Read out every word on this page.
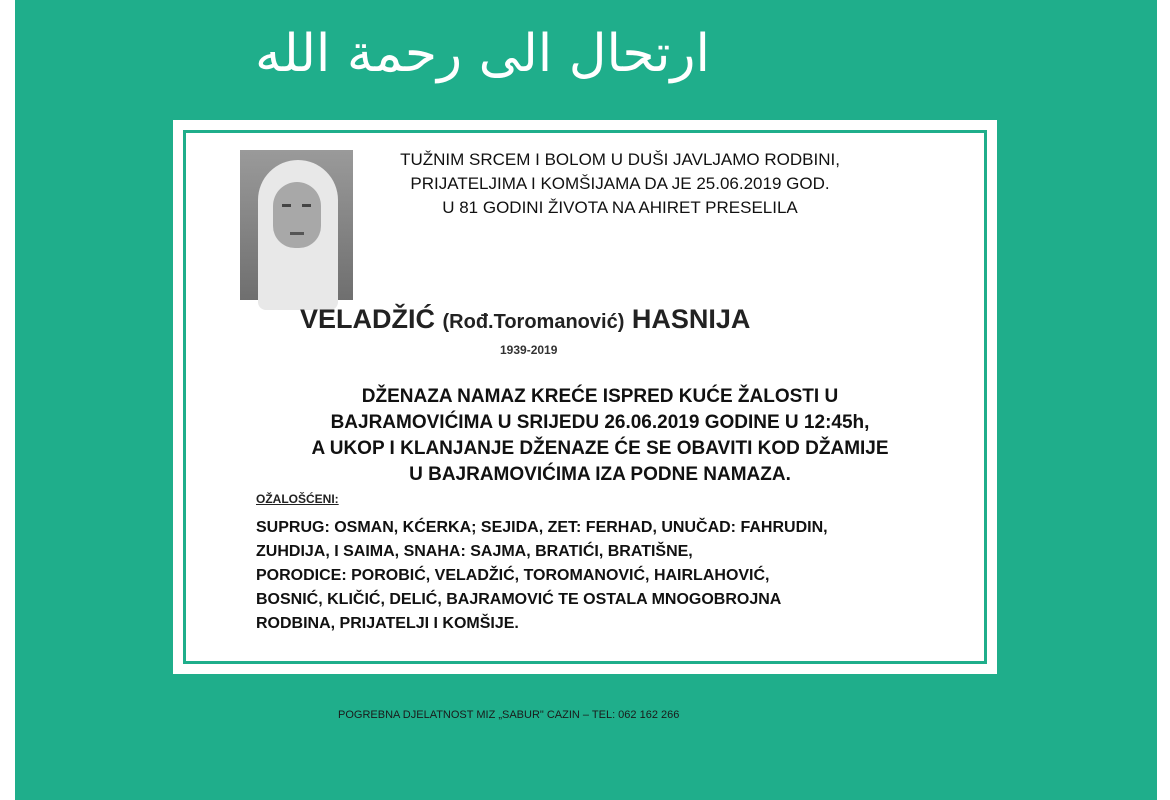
ارتحال الى رحمة الله
TUŽNIM SRCEM I BOLOM U DUŠI JAVLJAMO RODBINI,
PRIJATELJIMA I KOMŠIJAMA DA JE 25.06.2019 GOD.
U 81 GODINI ŽIVOTA NA AHIRET PRESELILA
VELADŽIĆ (Rođ.Toromanović) HASNIJA
1939-2019
DŽENAZA NAMAZ KREĆE ISPRED KUĆE ŽALOSTI U
BAJRAMOVIĆIMA U SRIJEDU 26.06.2019 GODINE U 12:45h,
A UKOP I KLANJANJE DŽENAZE ĆE SE OBAVITI KOD DŽAMIJE
U BAJRAMOVIĆIMA IZA PODNE NAMAZA.
OŽALOŠĆENI:
SUPRUG: OSMAN, KĆERKA; SEJIDA, ZET: FERHAD, UNUČAD: FAHRUDIN,
ZUHDIJA, I SAIMA, SNAHA: SAJMA, BRATIĆI, BRATIŠNE,
PORODICE: POROBIĆ, VELADŽIĆ, TOROMANOVIĆ, HAIRLAHOVIĆ,
BOSNIĆ, KLIČIĆ, DELIĆ, BAJRAMOVIĆ TE OSTALA MNOGOBROJNA
RODBINA, PRIJATELJI I KOMŠIJE.
POGREBNA DJELATNOST MIZ „SABUR" CAZIN – TEL: 062 162 266
